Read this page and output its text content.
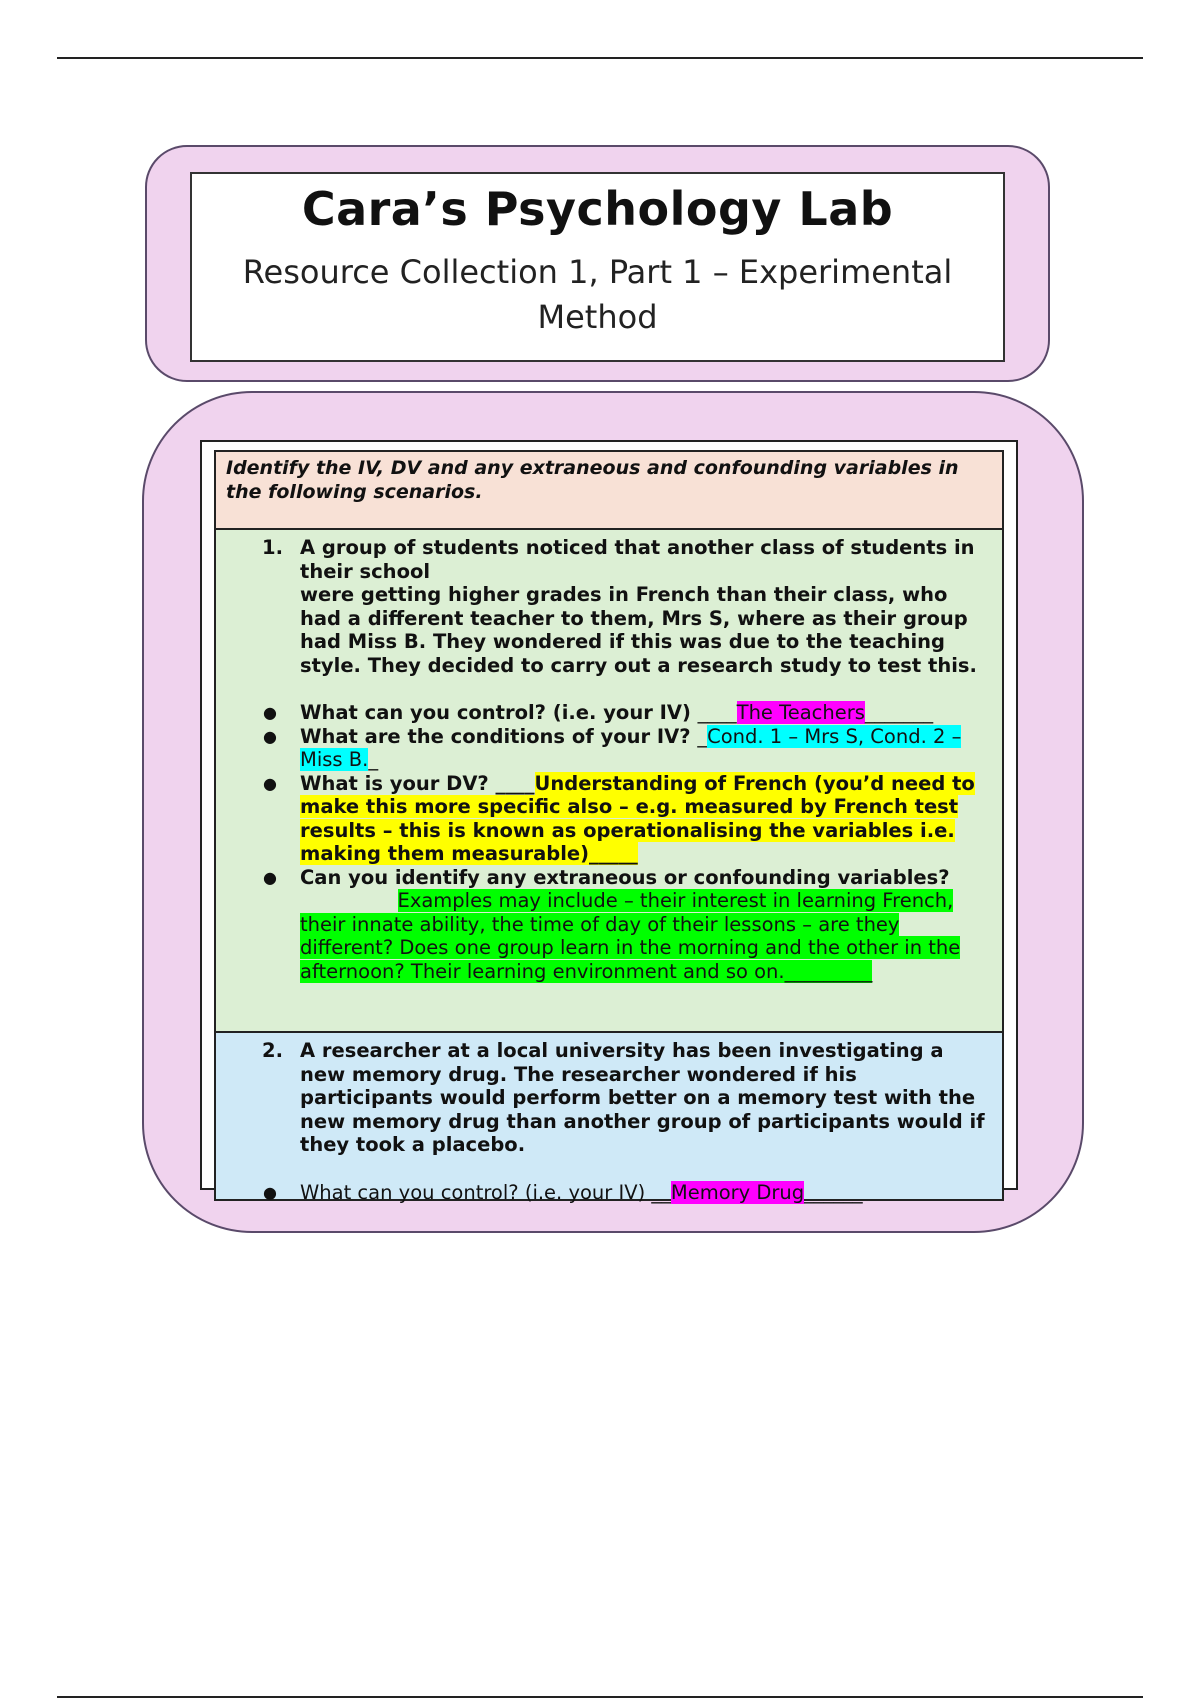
Cara’s Psychology Lab
Resource Collection 1, Part 1 – Experimental Method
Identify the IV, DV and any extraneous and confounding variables in the following scenarios.
1. A group of students noticed that another class of students in their school
were getting higher grades in French than their class, who had a different teacher to them, Mrs S, where as their group had Miss B. They wondered if this was due to the teaching style. They decided to carry out a research study to test this.
● What can you control? (i.e. your IV) ____The Teachers_______
● What are the conditions of your IV? _Cond. 1 – Mrs S, Cond. 2 – Miss B._
● What is your DV? ____Understanding of French (you’d need to make this more specific also – e.g. measured by French test results – this is known as operationalising the variables i.e. making them measurable)_____
● Can you identify any extraneous or confounding variables?
__________Examples may include – their interest in learning French, their innate ability, the time of day of their lessons – are they different? Does one group learn in the morning and the other in the afternoon? Their learning environment and so on._________
2. A researcher at a local university has been investigating a new memory drug. The researcher wondered if his participants would perform better on a memory test with the new memory drug than another group of participants would if they took a placebo.
● What can you control? (i.e. your IV) __Memory Drug______
